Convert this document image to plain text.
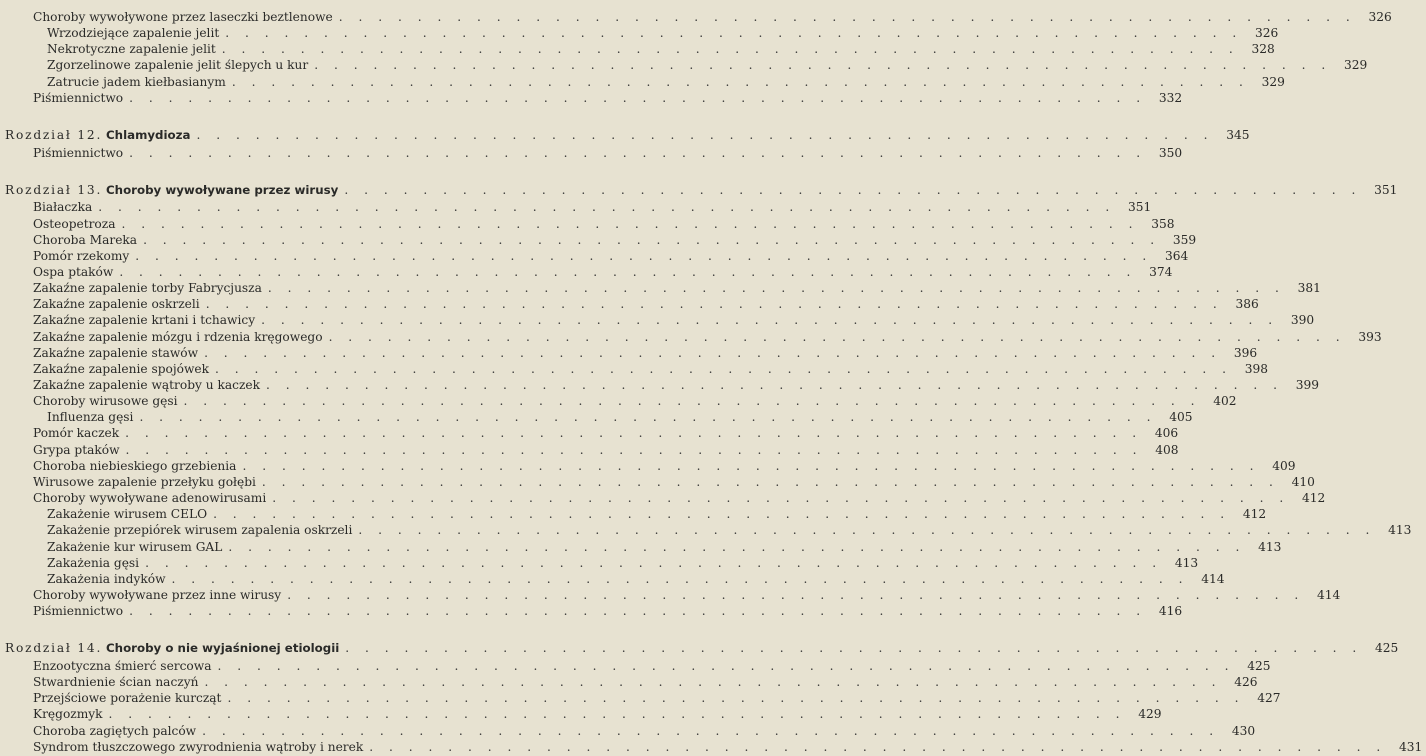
Choroby wywoływone przez laseczki beztlenowe . . . . . . . . . . . . . . . . . . . . . . . . . . . . . . . . . . . . . . . . . . . . . . . . . . . .	326
Wrzodziejące zapalenie jelit . . . . . . . . . . . . . . . . . . . . . . . . . . . . . . . . . . . . . . . . . . . . . . . . . . . .	326
Nekrotyczne zapalenie jelit . . . . . . . . . . . . . . . . . . . . . . . . . . . . . . . . . . . . . . . . . . . . . . . . . . . .	328
Zgorzelinowe zapalenie jelit ślepych u kur . . . . . . . . . . . . . . . . . . . . . . . . . . . . . . . . . . . . . . . . . . . . . . . . . . . .	329
Zatrucie jadem kiełbasianym . . . . . . . . . . . . . . . . . . . . . . . . . . . . . . . . . . . . . . . . . . . . . . . . . . . .	329
Piśmiennictwo . . . . . . . . . . . . . . . . . . . . . . . . . . . . . . . . . . . . . . . . . . . . . . . . . . . .	332
Rozdział 12. Chlamydioza . . . . . . . . . . . . . . . . . . . . . . . . . . . . . . . . . . . . . . . . . . . . . . . . . . . .	345
Piśmiennictwo . . . . . . . . . . . . . . . . . . . . . . . . . . . . . . . . . . . . . . . . . . . . . . . . . . . .	350
Rozdział 13. Choroby wywoływane przez wirusy . . . . . . . . . . . . . . . . . . . . . . . . . . . . . . . . . . . . . . . . . . . . . . . . . . . .	351
Białaczka . . . . . . . . . . . . . . . . . . . . . . . . . . . . . . . . . . . . . . . . . . . . . . . . . . . .	351
Osteopetroza . . . . . . . . . . . . . . . . . . . . . . . . . . . . . . . . . . . . . . . . . . . . . . . . . . . .	358
Choroba Mareka . . . . . . . . . . . . . . . . . . . . . . . . . . . . . . . . . . . . . . . . . . . . . . . . . . . .	359
Pomór rzekomy . . . . . . . . . . . . . . . . . . . . . . . . . . . . . . . . . . . . . . . . . . . . . . . . . . . .	364
Ospa ptaków . . . . . . . . . . . . . . . . . . . . . . . . . . . . . . . . . . . . . . . . . . . . . . . . . . . .	374
Zakaźne zapalenie torby Fabrycjusza . . . . . . . . . . . . . . . . . . . . . . . . . . . . . . . . . . . . . . . . . . . . . . . . . . . .	381
Zakaźne zapalenie oskrzeli . . . . . . . . . . . . . . . . . . . . . . . . . . . . . . . . . . . . . . . . . . . . . . . . . . . .	386
Zakaźne zapalenie krtani i tchawicy . . . . . . . . . . . . . . . . . . . . . . . . . . . . . . . . . . . . . . . . . . . . . . . . . . . .	390
Zakaźne zapalenie mózgu i rdzenia kręgowego . . . . . . . . . . . . . . . . . . . . . . . . . . . . . . . . . . . . . . . . . . . . . . . . . . . .	393
Zakaźne zapalenie stawów . . . . . . . . . . . . . . . . . . . . . . . . . . . . . . . . . . . . . . . . . . . . . . . . . . . .	396
Zakaźne zapalenie spojówek . . . . . . . . . . . . . . . . . . . . . . . . . . . . . . . . . . . . . . . . . . . . . . . . . . . .	398
Zakaźne zapalenie wątroby u kaczek . . . . . . . . . . . . . . . . . . . . . . . . . . . . . . . . . . . . . . . . . . . . . . . . . . . .	399
Choroby wirusowe gęsi . . . . . . . . . . . . . . . . . . . . . . . . . . . . . . . . . . . . . . . . . . . . . . . . . . . .	402
Influenza gęsi . . . . . . . . . . . . . . . . . . . . . . . . . . . . . . . . . . . . . . . . . . . . . . . . . . . .	405
Pomór kaczek . . . . . . . . . . . . . . . . . . . . . . . . . . . . . . . . . . . . . . . . . . . . . . . . . . . .	406
Grypa ptaków . . . . . . . . . . . . . . . . . . . . . . . . . . . . . . . . . . . . . . . . . . . . . . . . . . . .	408
Choroba niebieskiego grzebienia . . . . . . . . . . . . . . . . . . . . . . . . . . . . . . . . . . . . . . . . . . . . . . . . . . . .	409
Wirusowe zapalenie przełyku gołębi . . . . . . . . . . . . . . . . . . . . . . . . . . . . . . . . . . . . . . . . . . . . . . . . . . . .	410
Choroby wywoływane adenowirusami . . . . . . . . . . . . . . . . . . . . . . . . . . . . . . . . . . . . . . . . . . . . . . . . . . . .	412
Zakażenie wirusem CELO . . . . . . . . . . . . . . . . . . . . . . . . . . . . . . . . . . . . . . . . . . . . . . . . . . . .	412
Zakażenie przepiórek wirusem zapalenia oskrzeli . . . . . . . . . . . . . . . . . . . . . . . . . . . . . . . . . . . . . . . . . . . . . . . . . . . .	413
Zakażenie kur wirusem GAL . . . . . . . . . . . . . . . . . . . . . . . . . . . . . . . . . . . . . . . . . . . . . . . . . . . .	413
Zakażenia gęsi . . . . . . . . . . . . . . . . . . . . . . . . . . . . . . . . . . . . . . . . . . . . . . . . . . . .	413
Zakażenia indyków . . . . . . . . . . . . . . . . . . . . . . . . . . . . . . . . . . . . . . . . . . . . . . . . . . . .	414
Choroby wywoływane przez inne wirusy . . . . . . . . . . . . . . . . . . . . . . . . . . . . . . . . . . . . . . . . . . . . . . . . . . . .	414
Piśmiennictwo . . . . . . . . . . . . . . . . . . . . . . . . . . . . . . . . . . . . . . . . . . . . . . . . . . . .	416
Rozdział 14. Choroby o nie wyjaśnionej etiologii . . . . . . . . . . . . . . . . . . . . . . . . . . . . . . . . . . . . . . . . . . . . . . . . . . . .	425
Enzootyczna śmierć sercowa . . . . . . . . . . . . . . . . . . . . . . . . . . . . . . . . . . . . . . . . . . . . . . . . . . . .	425
Stwardnienie ścian naczyń . . . . . . . . . . . . . . . . . . . . . . . . . . . . . . . . . . . . . . . . . . . . . . . . . . . .	426
Przejściowe porażenie kurcząt . . . . . . . . . . . . . . . . . . . . . . . . . . . . . . . . . . . . . . . . . . . . . . . . . . . .	427
Kręgozmyk . . . . . . . . . . . . . . . . . . . . . . . . . . . . . . . . . . . . . . . . . . . . . . . . . . . .	429
Choroba zagiętych palców . . . . . . . . . . . . . . . . . . . . . . . . . . . . . . . . . . . . . . . . . . . . . . . . . . . .	430
Syndrom tłuszczowego zwyrodnienia wątroby i nerek . . . . . . . . . . . . . . . . . . . . . . . . . . . . . . . . . . . . . . . . . . . . . . . . . . . .	431
